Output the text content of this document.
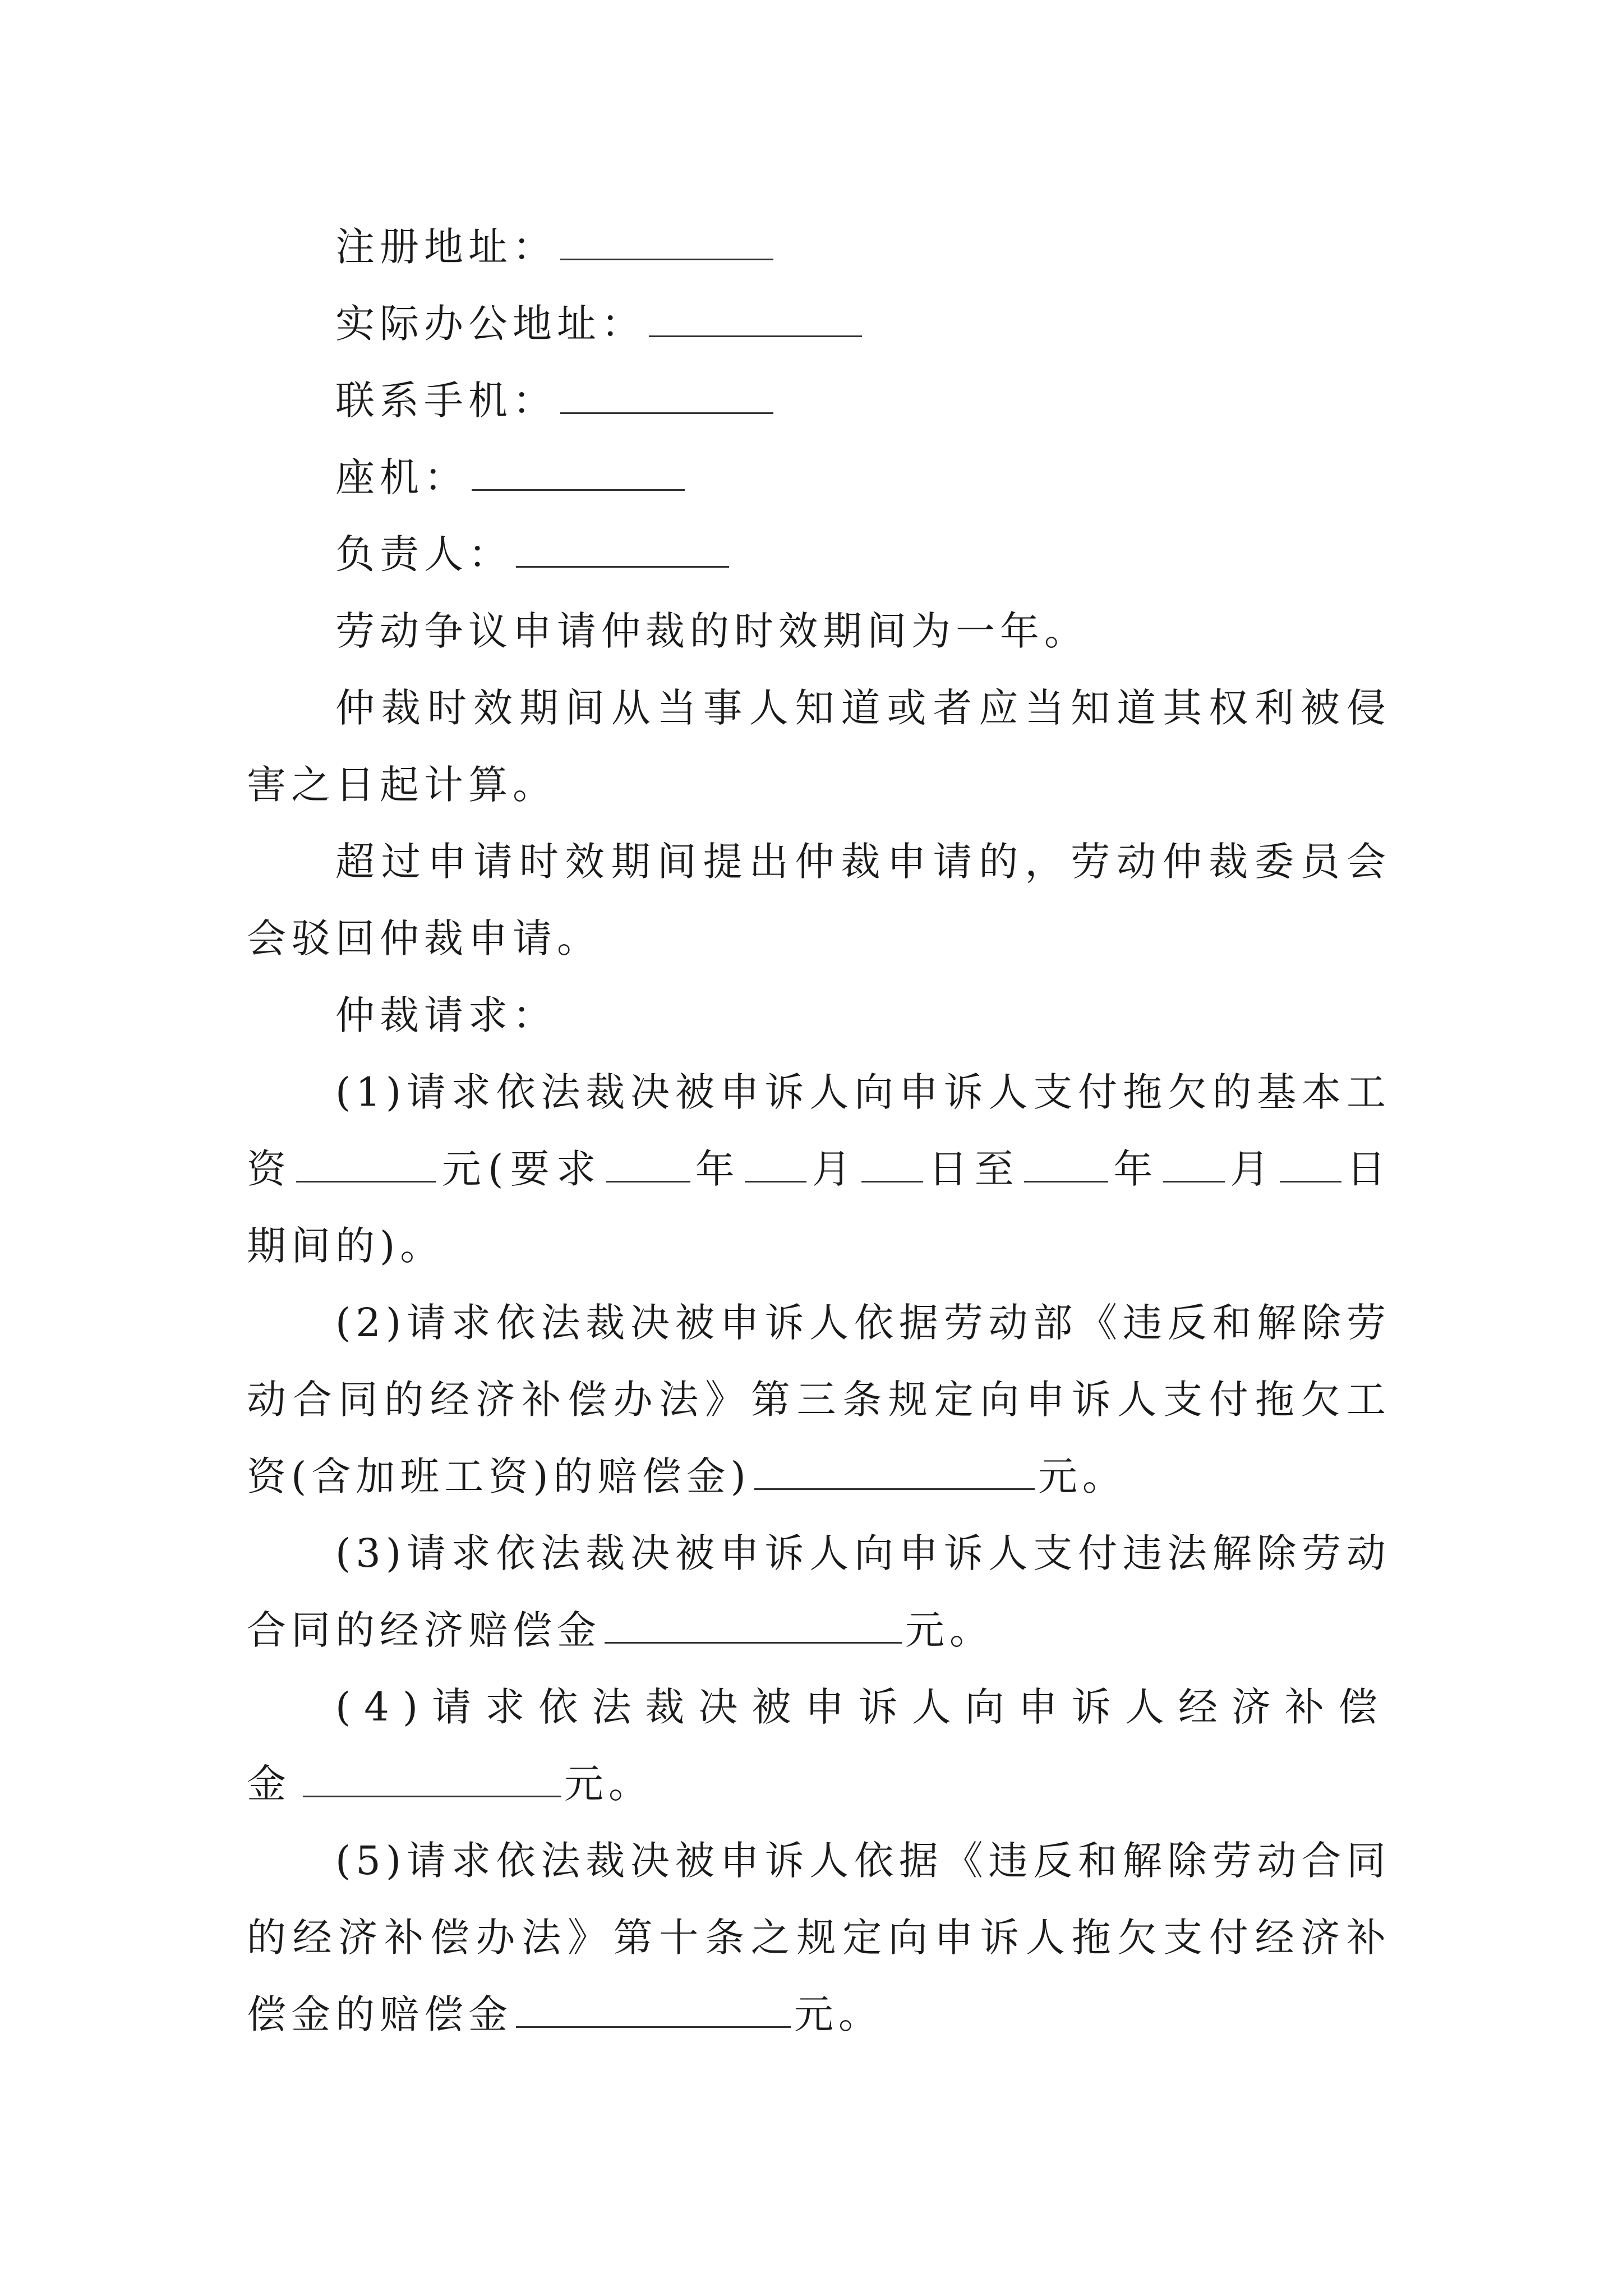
注册地址：

实际办公地址：

联系手机：

座机：

负责人：

劳动争议申请仲裁的时效期间为一年。

仲裁时效期间从当事人知道或者应当知道其权利被侵害之日起计算。

超过申请时效期间提出仲裁申请的，劳动仲裁委员会会驳回仲裁申请。

仲裁请求：

(1)请求依法裁决被申诉人向申诉人支付拖欠的基本工资	元(要求 年 月 日至 年 月 日期间的)。

(2)请求依法裁决被申诉人依据劳动部《违反和解除劳动合同的经济补偿办法》第三条规定向申诉人支付拖欠工资(含加班工资)的赔偿金)	元。

(3)请求依法裁决被申诉人向申诉人支付违法解除劳动合同的经济赔偿金	元。

(4)请求依法裁决被申诉人向申诉人经济补偿金	元。

(5)请求依法裁决被申诉人依据《违反和解除劳动合同的经济补偿办法》第十条之规定向申诉人拖欠支付经济补偿金的赔偿金	元。
